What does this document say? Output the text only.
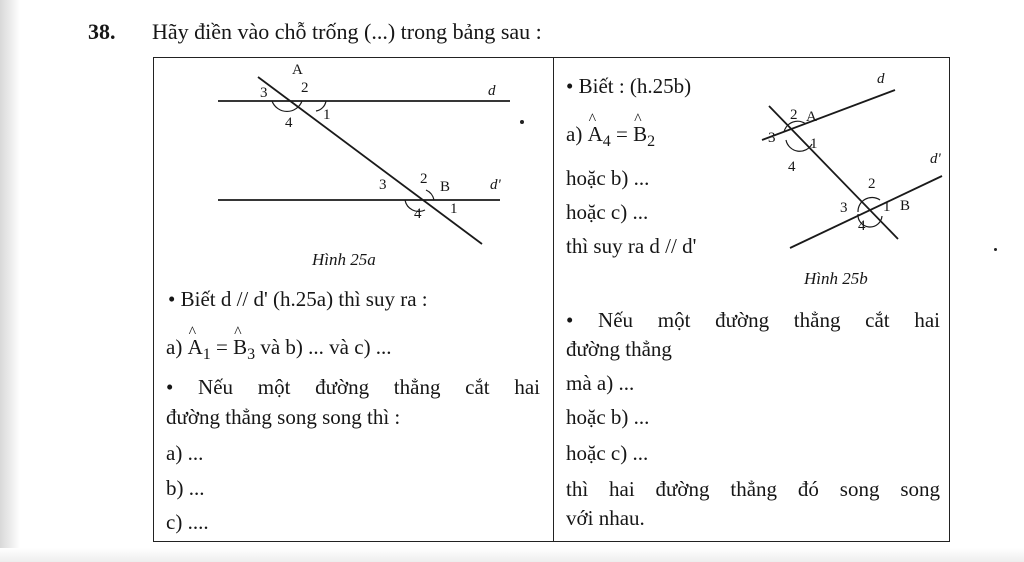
38. Hãy điền vào chỗ trống (...) trong bảng sau :
A
2
3
1
4
d
3 2 B	d'
4 1
Hình 25a
d
2 A
3 1
4	d'
2
3 1 B
4
Hình 25b
• Biết : (h.25b)
a) ^ $A_4$ = ^ $B_2$
hoặc b) ...
hoặc c) ...
thì suy ra d // d'
• Biết d // d' (h.25a) thì suy ra :
a) ^ $A_1$ = ^ $B_3$ và b) ... và c) ...
• Nếu một đường thẳng cắt hai
đường thẳng song song thì :
a) ...
b) ...
c) ....
• Nếu một đường thẳng cắt hai
đường thẳng
mà a) ...
hoặc b) ...
hoặc c) ...
thì hai đường thẳng đó song song
với nhau.
